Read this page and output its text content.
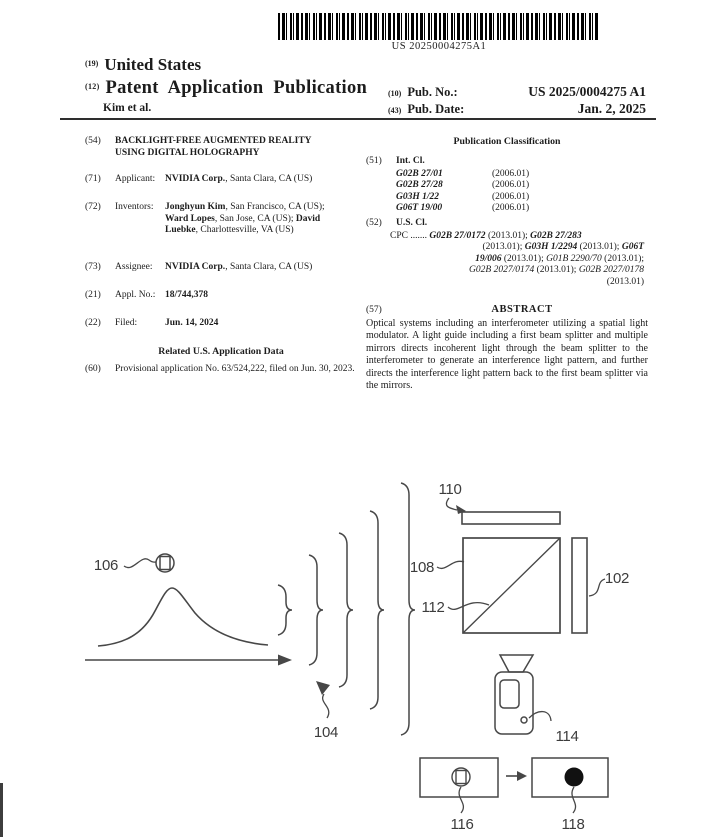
US 20250004275A1
$^{(19)}$ United States
$^{(12)}$ Patent Application Publication
Kim et al.
(10) Pub. No.:	US 2025/0004275 A1
(43) Pub. Date:	Jan. 2, 2025
(54)	BACKLIGHT-FREE AUGMENTED REALITY USING DIGITAL HOLOGRAPHY
(71)	Applicant:	NVIDIA Corp., Santa Clara, CA (US)
(72)	Inventors:	Jonghyun Kim, San Francisco, CA (US); Ward Lopes, San Jose, CA (US); David Luebke, Charlottesville, VA (US)
(73)	Assignee:	NVIDIA Corp., Santa Clara, CA (US)
(21)	Appl. No.:	18/744,378
(22)	Filed:	Jun. 14, 2024
Related U.S. Application Data
(60)	Provisional application No. 63/524,222, filed on Jun. 30, 2023.
Publication Classification
(51)	Int. Cl.
G02B 27/01	(2006.01)
G02B 27/28	(2006.01)
G03H 1/22	(2006.01)
G06T 19/00	(2006.01)
(52)	U.S. Cl.
CPC ....... G02B 27/0172 (2013.01); G02B 27/283
(2013.01); G03H 1/2294 (2013.01); G06T
19/006 (2013.01); G01B 2290/70 (2013.01);
G02B 2027/0174 (2013.01); G02B 2027/0178
(2013.01)
(57)	ABSTRACT
Optical systems including an interferometer utilizing a spatial light modulator. A light guide including a first beam splitter and multiple mirrors directs incoherent light through the beam splitter to the interferometer to generate an interference light pattern, and further directs the interference light pattern back to the first beam splitter via the mirrors.
106
104
110
108
112
102
114
116	118
